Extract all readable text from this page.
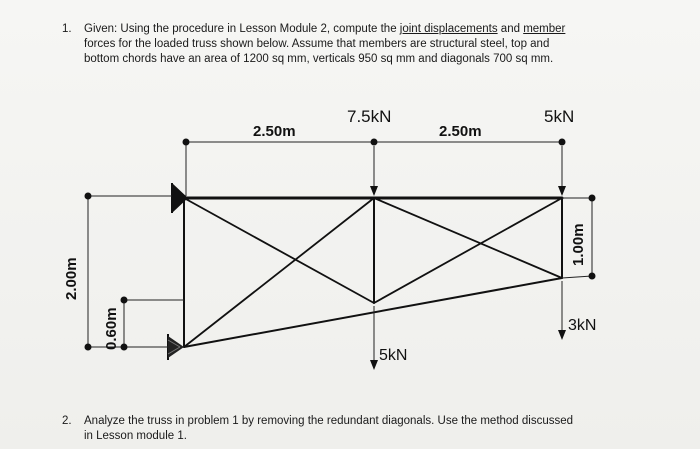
1. Given: Using the procedure in Lesson Module 2, compute the joint displacements and member
forces for the loaded truss shown below. Assume that members are structural steel, top and
bottom chords have an area of 1200 sq mm, verticals 950 sq mm and diagonals 700 sq mm.
2.50m	2.50m
7.5kN	5kN
5kN
3kN
2.00m
0.60m
1.00m
2. Analyze the truss in problem 1 by removing the redundant diagonals. Use the method discussed
in Lesson module 1.
